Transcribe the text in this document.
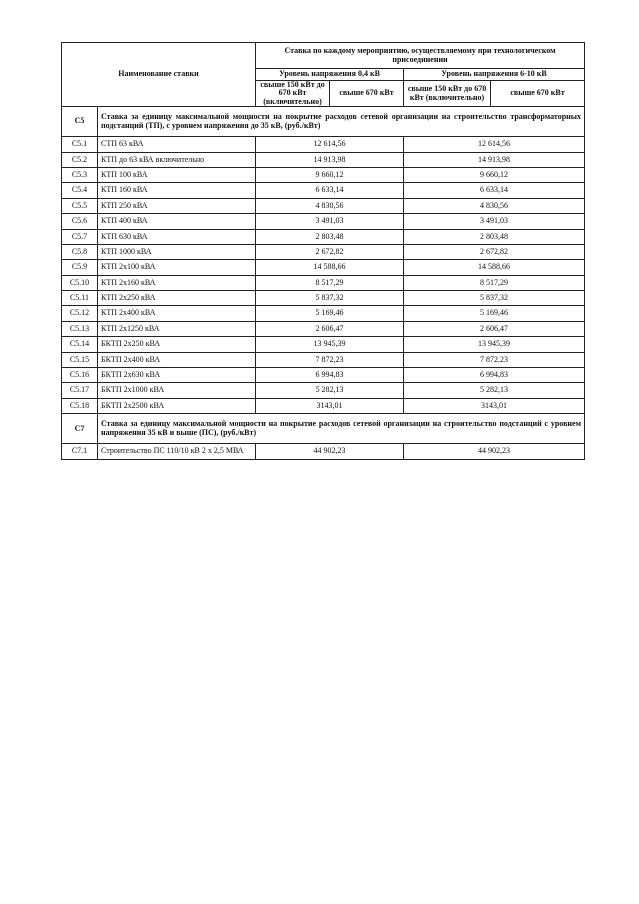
Наименование ставки		Ставка по каждому мероприятию, осуществляемому при технологическом присоединении			
		Уровень напряжения 0,4 кВ		Уровень напряжения 6-10 кВ	
		свыше 150 кВт до 670 кВт (включительно)	свыше 670 кВт	свыше 150 кВт до 670 кВт (включительно)	свыше 670 кВт
С5	Ставка за единицу максимальной мощности на покрытие расходов сетевой организации на строительство трансформаторных подстанций (ТП), с уровнем напряжения до 35 кВ, (руб./кВт)				
С5.1	СТП 63 кВА	12 614,56		12 614,56	
С5.2	КТП до 63 кВА включительно	14 913,98		14 913,98	
С5.3	КТП 100 кВА	9 660,12		9 660,12	
С5.4	КТП 160 кВА	6 633,14		6 633,14	
С5.5	КТП 250 кВА	4 830,56		4 830,56	
С5.6	КТП 400 кВА	3 491,03		3 491,03	
С5.7	КТП 630 кВА	2 803,48		2 803,48	
С5.8	КТП 1000 кВА	2 672,82		2 672,82	
С5.9	КТП 2х100 кВА	14 588,66		14 588,66	
С5.10	КТП 2х160 кВА	8 517,29		8 517,29	
С5.11	КТП 2х250 кВА	5 837,32		5 837,32	
С5.12	КТП 2х400 кВА	5 169,46		5 169,46	
С5.13	КТП 2х1250 кВА	2 606,47		2 606,47	
С5.14	БКТП 2х250 кВА	13 945,39		13 945,39	
С5.15	БКТП 2х400 кВА	7 872,23		7 872,23	
С5.16	БКТП 2х630 кВА	6 994,83		6 994,83	
С5.17	БКТП 2х1000 кВА	5 282,13		5 282,13	
С5.18	БКТП 2х2500 кВА	3143,01		3143,01	
С7	Ставка за единицу максимальной мощности на покрытие расходов сетевой организации на строительство подстанций с уровнем напряжения 35 кВ и выше (ПС), (руб./кВт)				
С7.1	Строительство ПС 110/10 кВ 2 х 2,5 МВА	44 902,23		44 902,23	
